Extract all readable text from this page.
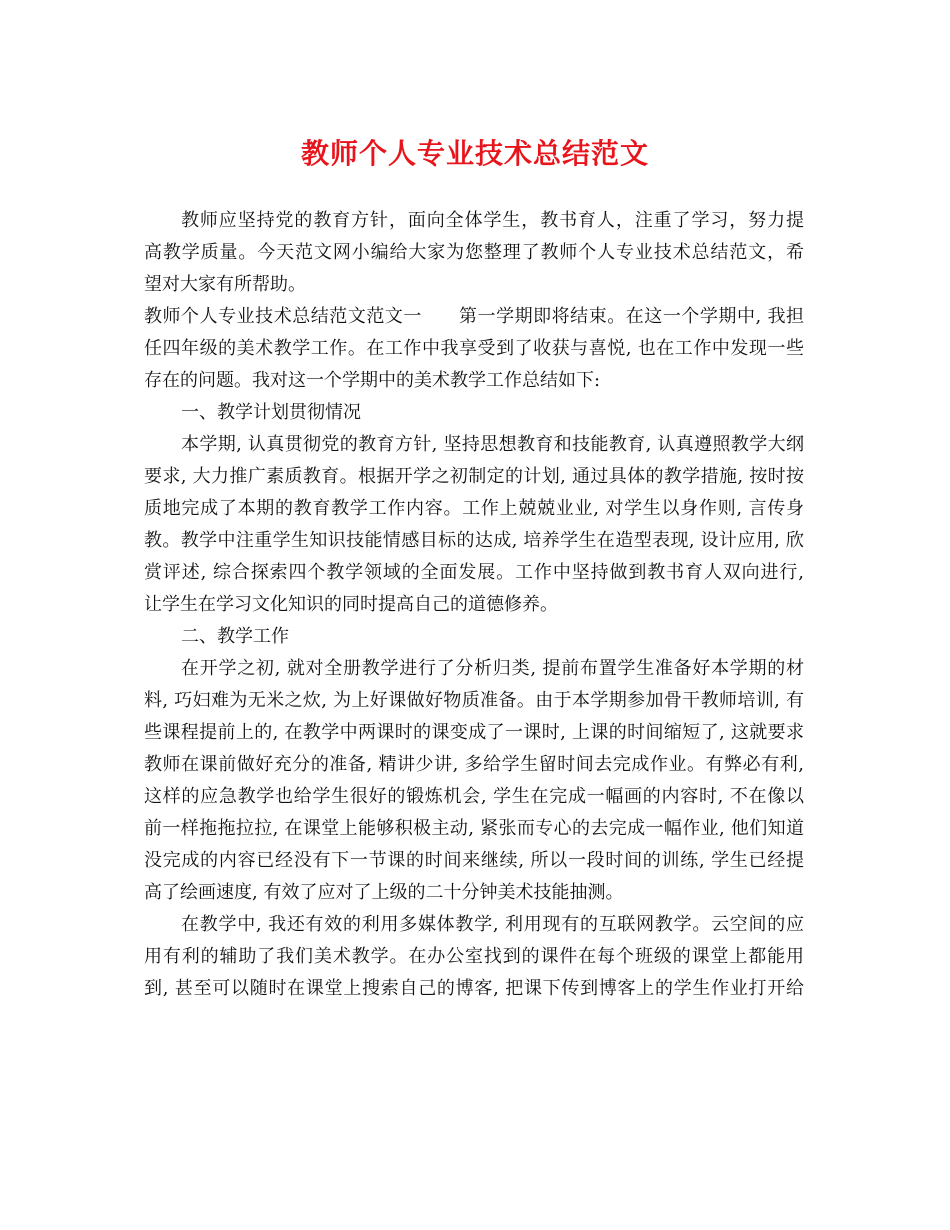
教师个人专业技术总结范文
教师应坚持党的教育方针，面向全体学生，教书育人，注重了学习，努力提
高教学质量。今天范文网小编给大家为您整理了教师个人专业技术总结范文，希
望对大家有所帮助。
教师个人专业技术总结范文范文一　　第一学期即将结束。在这一个学期中, 我担
任四年级的美术教学工作。在工作中我享受到了收获与喜悦, 也在工作中发现一些
存在的问题。我对这一个学期中的美术教学工作总结如下:
一、教学计划贯彻情况
本学期, 认真贯彻党的教育方针, 坚持思想教育和技能教育, 认真遵照教学大纲
要求, 大力推广素质教育。根据开学之初制定的计划, 通过具体的教学措施, 按时按
质地完成了本期的教育教学工作内容。工作上兢兢业业, 对学生以身作则, 言传身
教。教学中注重学生知识技能情感目标的达成, 培养学生在造型表现, 设计应用, 欣
赏评述, 综合探索四个教学领域的全面发展。工作中坚持做到教书育人双向进行,
让学生在学习文化知识的同时提高自己的道德修养。
二、教学工作
在开学之初, 就对全册教学进行了分析归类, 提前布置学生准备好本学期的材
料, 巧妇难为无米之炊, 为上好课做好物质准备。由于本学期参加骨干教师培训, 有
些课程提前上的, 在教学中两课时的课变成了一课时, 上课的时间缩短了, 这就要求
教师在课前做好充分的准备, 精讲少讲, 多给学生留时间去完成作业。有弊必有利,
这样的应急教学也给学生很好的锻炼机会, 学生在完成一幅画的内容时, 不在像以
前一样拖拖拉拉, 在课堂上能够积极主动, 紧张而专心的去完成一幅作业, 他们知道
没完成的内容已经没有下一节课的时间来继续, 所以一段时间的训练, 学生已经提
高了绘画速度, 有效了应对了上级的二十分钟美术技能抽测。
在教学中, 我还有效的利用多媒体教学, 利用现有的互联网教学。云空间的应
用有利的辅助了我们美术教学。在办公室找到的课件在每个班级的课堂上都能用
到, 甚至可以随时在课堂上搜索自己的博客, 把课下传到博客上的学生作业打开给
